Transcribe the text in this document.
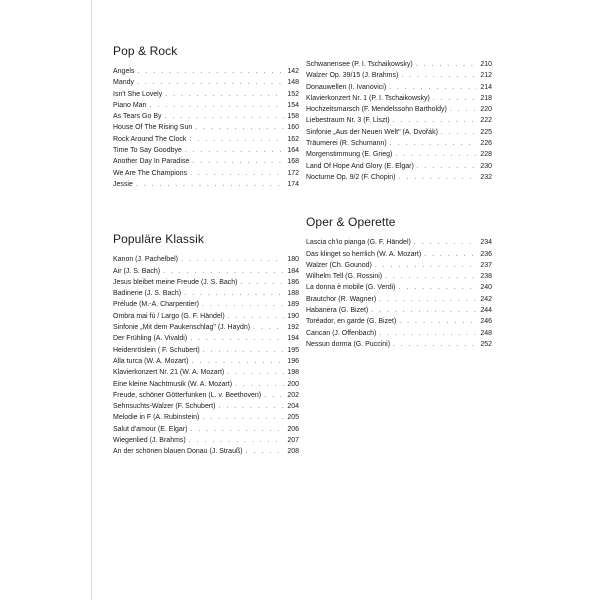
Pop & Rock
Angels . . .	142
Mandy . . .	148
Isn't She Lovely . . .	152
Piano Man . . .	154
As Tears Go By . . .	158
House Of The Rising Sun . . .	160
Rock Around The Clock . . .	162
Time To Say Goodbye . . .	164
Another Day In Paradise . . .	168
We Are The Champions . . .	172
Jessie . . .	174
Populäre Klassik
Kanon (J. Pachelbel) . . .	180
Air (J. S. Bach) . . .	184
Jesus bleibet meine Freude (J. S. Bach) . . .	186
Badinerie (J. S. Bach) . . .	188
Prélude (M.-A. Charpentier) . . .	189
Ombra mai fù / Largo (G. F. Händel) . . .	190
Sinfonie „Mit dem Paukenschlag" (J. Haydn) . . .	192
Der Frühling (A. Vivaldi) . . .	194
Heidenröslein ( F. Schubert) . . .	195
Alla turca (W. A. Mozart) . . .	196
Klavierkonzert Nr. 21 (W. A. Mozart) . . .	198
Eine kleine Nachtmusik (W. A. Mozart) . . .	200
Freude, schöner Götterfunken (L. v. Beethoven) . . .	202
Sehnsuchts-Walzer (F. Schubert) . . .	204
Melodie in F (A. Rubinstein) . . .	205
Salut d'amour (E. Elgar) . . .	206
Wiegenlied (J. Brahms) . . .	207
An der schönen blauen Donau (J. Strauß) . . .	208
Schwanensee (P. I. Tschaikowsky) . . .	210
Walzer Op. 39/15 (J. Brahms) . . .	212
Donauwellen (I. Ivanovici) . . .	214
Klavierkonzert Nr. 1 (P. I. Tschaikowsky) . . .	218
Hochzeitsmarsch (F. Mendelssohn Bartholdy) . . .	220
Liebestraum Nr. 3 (F. Liszt) . . .	222
Sinfonie „Aus der Neuen Welt" (A. Dvořák) . . .	225
Träumerei (R. Schumann) . . .	226
Morgenstimmung (E. Grieg) . . .	228
Land Of Hope And Glory (E. Elgar) . . .	230
Nocturne Op. 9/2 (F. Chopin) . . .	232
Oper & Operette
Lascia ch'io pianga (G. F. Händel) . . .	234
Das klinget so herrlich (W. A. Mozart) . . .	236
Walzer (Ch. Gounod) . . .	237
Wilhelm Tell (G. Rossini) . . .	238
La donna è mobile (G. Verdi) . . .	240
Brautchor (R. Wagner) . . .	242
Habanera (G. Bizet) . . .	244
Toréador, en garde (G. Bizet) . . .	246
Cancan (J. Offenbach) . . .	248
Nessun dorma (G. Puccini) . . .	252
